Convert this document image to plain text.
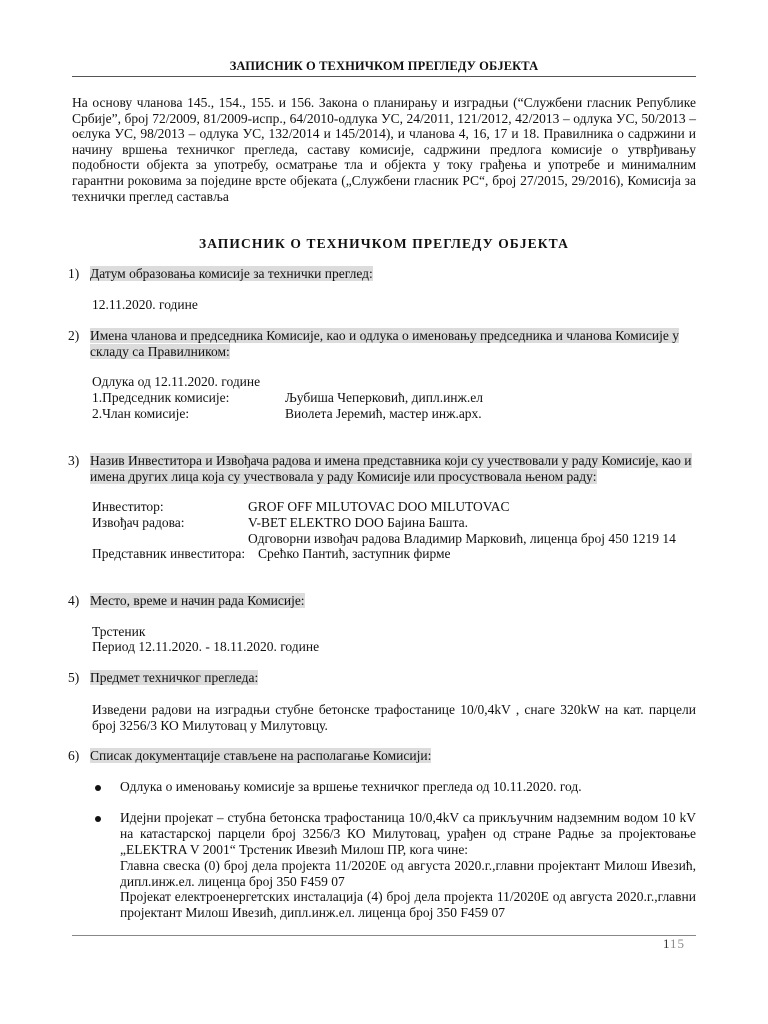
ЗАПИСНИК О ТЕХНИЧКОМ ПРЕГЛЕДУ ОБЈЕКТА
На основу чланова 145., 154., 155. и 156. Закона о планирању и изградњи (“Службени гласник Републике Србије”, број 72/2009, 81/2009-испр., 64/2010-одлука УС, 24/2011, 121/2012, 42/2013 – одлука УС, 50/2013 – оєлука УС, 98/2013 – одлука УС, 132/2014 и 145/2014), и чланова 4, 16, 17 и 18. Правилника о садржини и начину вршења техничког прегледа, саставу комисије, садржини предлога комисије о утврђивању подобности објекта за употребу, осматрање тла и објекта у току грађења и употребе и минималним гарантни роковима за поједине врсте објеката („Службени гласник РС“, број 27/2015, 29/2016), Комисија за технички преглед саставља
ЗАПИСНИК О ТЕХНИЧКОМ ПРЕГЛЕДУ ОБЈЕКТА
1) Датум образовања комисије за технички преглед:
12.11.2020. године
2) Имена чланова и председника Комисије, као и одлука о именовању председника и чланова Комисије у складу са Правилником:
Одлука од 12.11.2020. године
1.Председник комисије:	Љубиша Чеперковић, дипл.инж.ел
2.Члан комисије:	Виолета Јеремић, мастер инж.арх.
3) Назив Инвеститора и Извођача радова и имена представника који су учествовали у раду Комисије, као и имена других лица која су учествовала у раду Комисије или просуствовала њеном раду:
Инвеститор:	GROF OFF MILUTOVAC DOO MILUTOVAC
Извођач радова:	V-BET ELEKTRO DOO Бајина Башта.
Одговорни извођач радова Владимир Марковић, лиценца број 450 1219 14
Представник инвеститора: Срећко Пантић, заступник фирме
4) Место, време и начин рада Комисије:
Трстеник
Период 12.11.2020. - 18.11.2020. године
5) Предмет техничког прегледа:
Изведени радови на изградњи стубне бетонске трафостанице 10/0,4kV , снаге 320kW на кат. парцели број 3256/3 КО Милутовац у Милутовцу.
6) Списак документације стављене на располагање Комисији:
Одлука о именовању комисије за вршење техничког прегледа од 10.11.2020. год.
Идејни пројекат – стубна бетонска трафостаница 10/0,4kV са прикључним надземним водом 10 kV на катастарској парцели број 3256/3 КО Милутовац, урађен од стране Радње за пројектовање „ELEKTRA V 2001“ Трстеник Ивезић Милош ПР, кога чине:
Главна свеска (0) број дела пројекта 11/2020Е од августа 2020.г.,главни пројектант Милош Ивезић, дипл.инж.ел. лиценца број 350 F459 07
Пројекат електроенергетских инсталација (4) број дела пројекта 11/2020Е од августа 2020.г.,главни пројектант Милош Ивезић, дипл.инж.ел. лиценца број 350 F459 07
115
